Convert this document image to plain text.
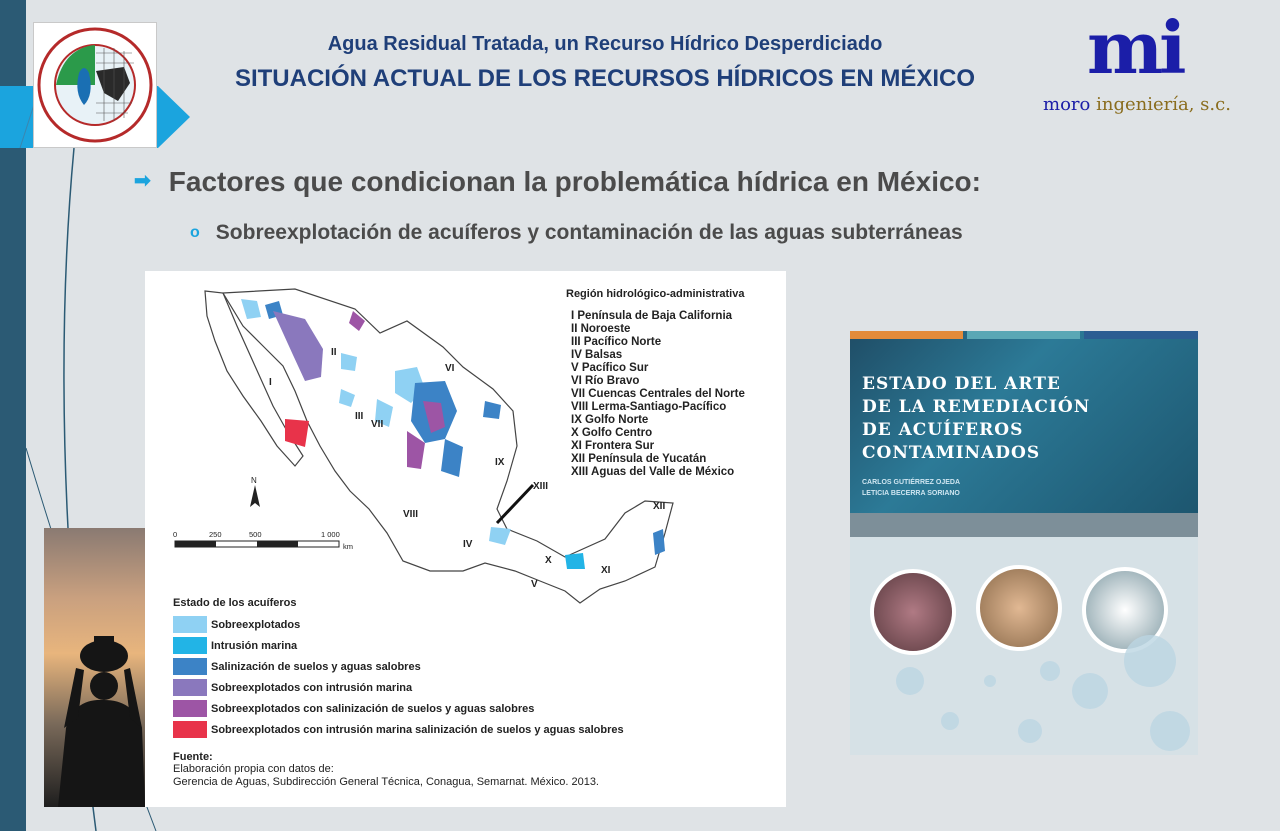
Agua Residual Tratada, un Recurso Hídrico Desperdiciado

SITUACIÓN ACTUAL DE LOS RECURSOS HÍDRICOS EN MÉXICO mi
moro ingeniería, s.c.
➡ Factores que condicionan la problemática hídrica en México:
o Sobreexplotación de acuíferos y contaminación de las aguas subterráneas
I
II
III
IV
V
VI
VII
VIII
IX
X
XI
XII
XIII
N
0	250	500	1 000
km
Región hidrológico-administrativa
I Península de Baja California
II Noroeste
III Pacífico Norte
IV Balsas
V Pacífico Sur
VI Río Bravo
VII Cuencas Centrales del Norte
VIII Lerma-Santiago-Pacífico
IX Golfo Norte
X Golfo Centro
XI Frontera Sur
XII Península de Yucatán
XIII Aguas del Valle de México
Estado de los acuíferos
Sobreexplotados
Intrusión marina
Salinización de suelos y aguas salobres
Sobreexplotados con intrusión marina
Sobreexplotados con salinización de suelos y aguas salobres
Sobreexplotados con intrusión marina salinización de suelos y aguas salobres
Fuente:
Elaboración propia con datos de:
Gerencia de Aguas, Subdirección General Técnica, Conagua, Semarnat. México. 2013.
ESTADO DEL ARTE
DE LA REMEDIACIÓN
DE ACUÍFEROS
CONTAMINADOS
CARLOS GUTIÉRREZ OJEDA
LETICIA BECERRA SORIANO
